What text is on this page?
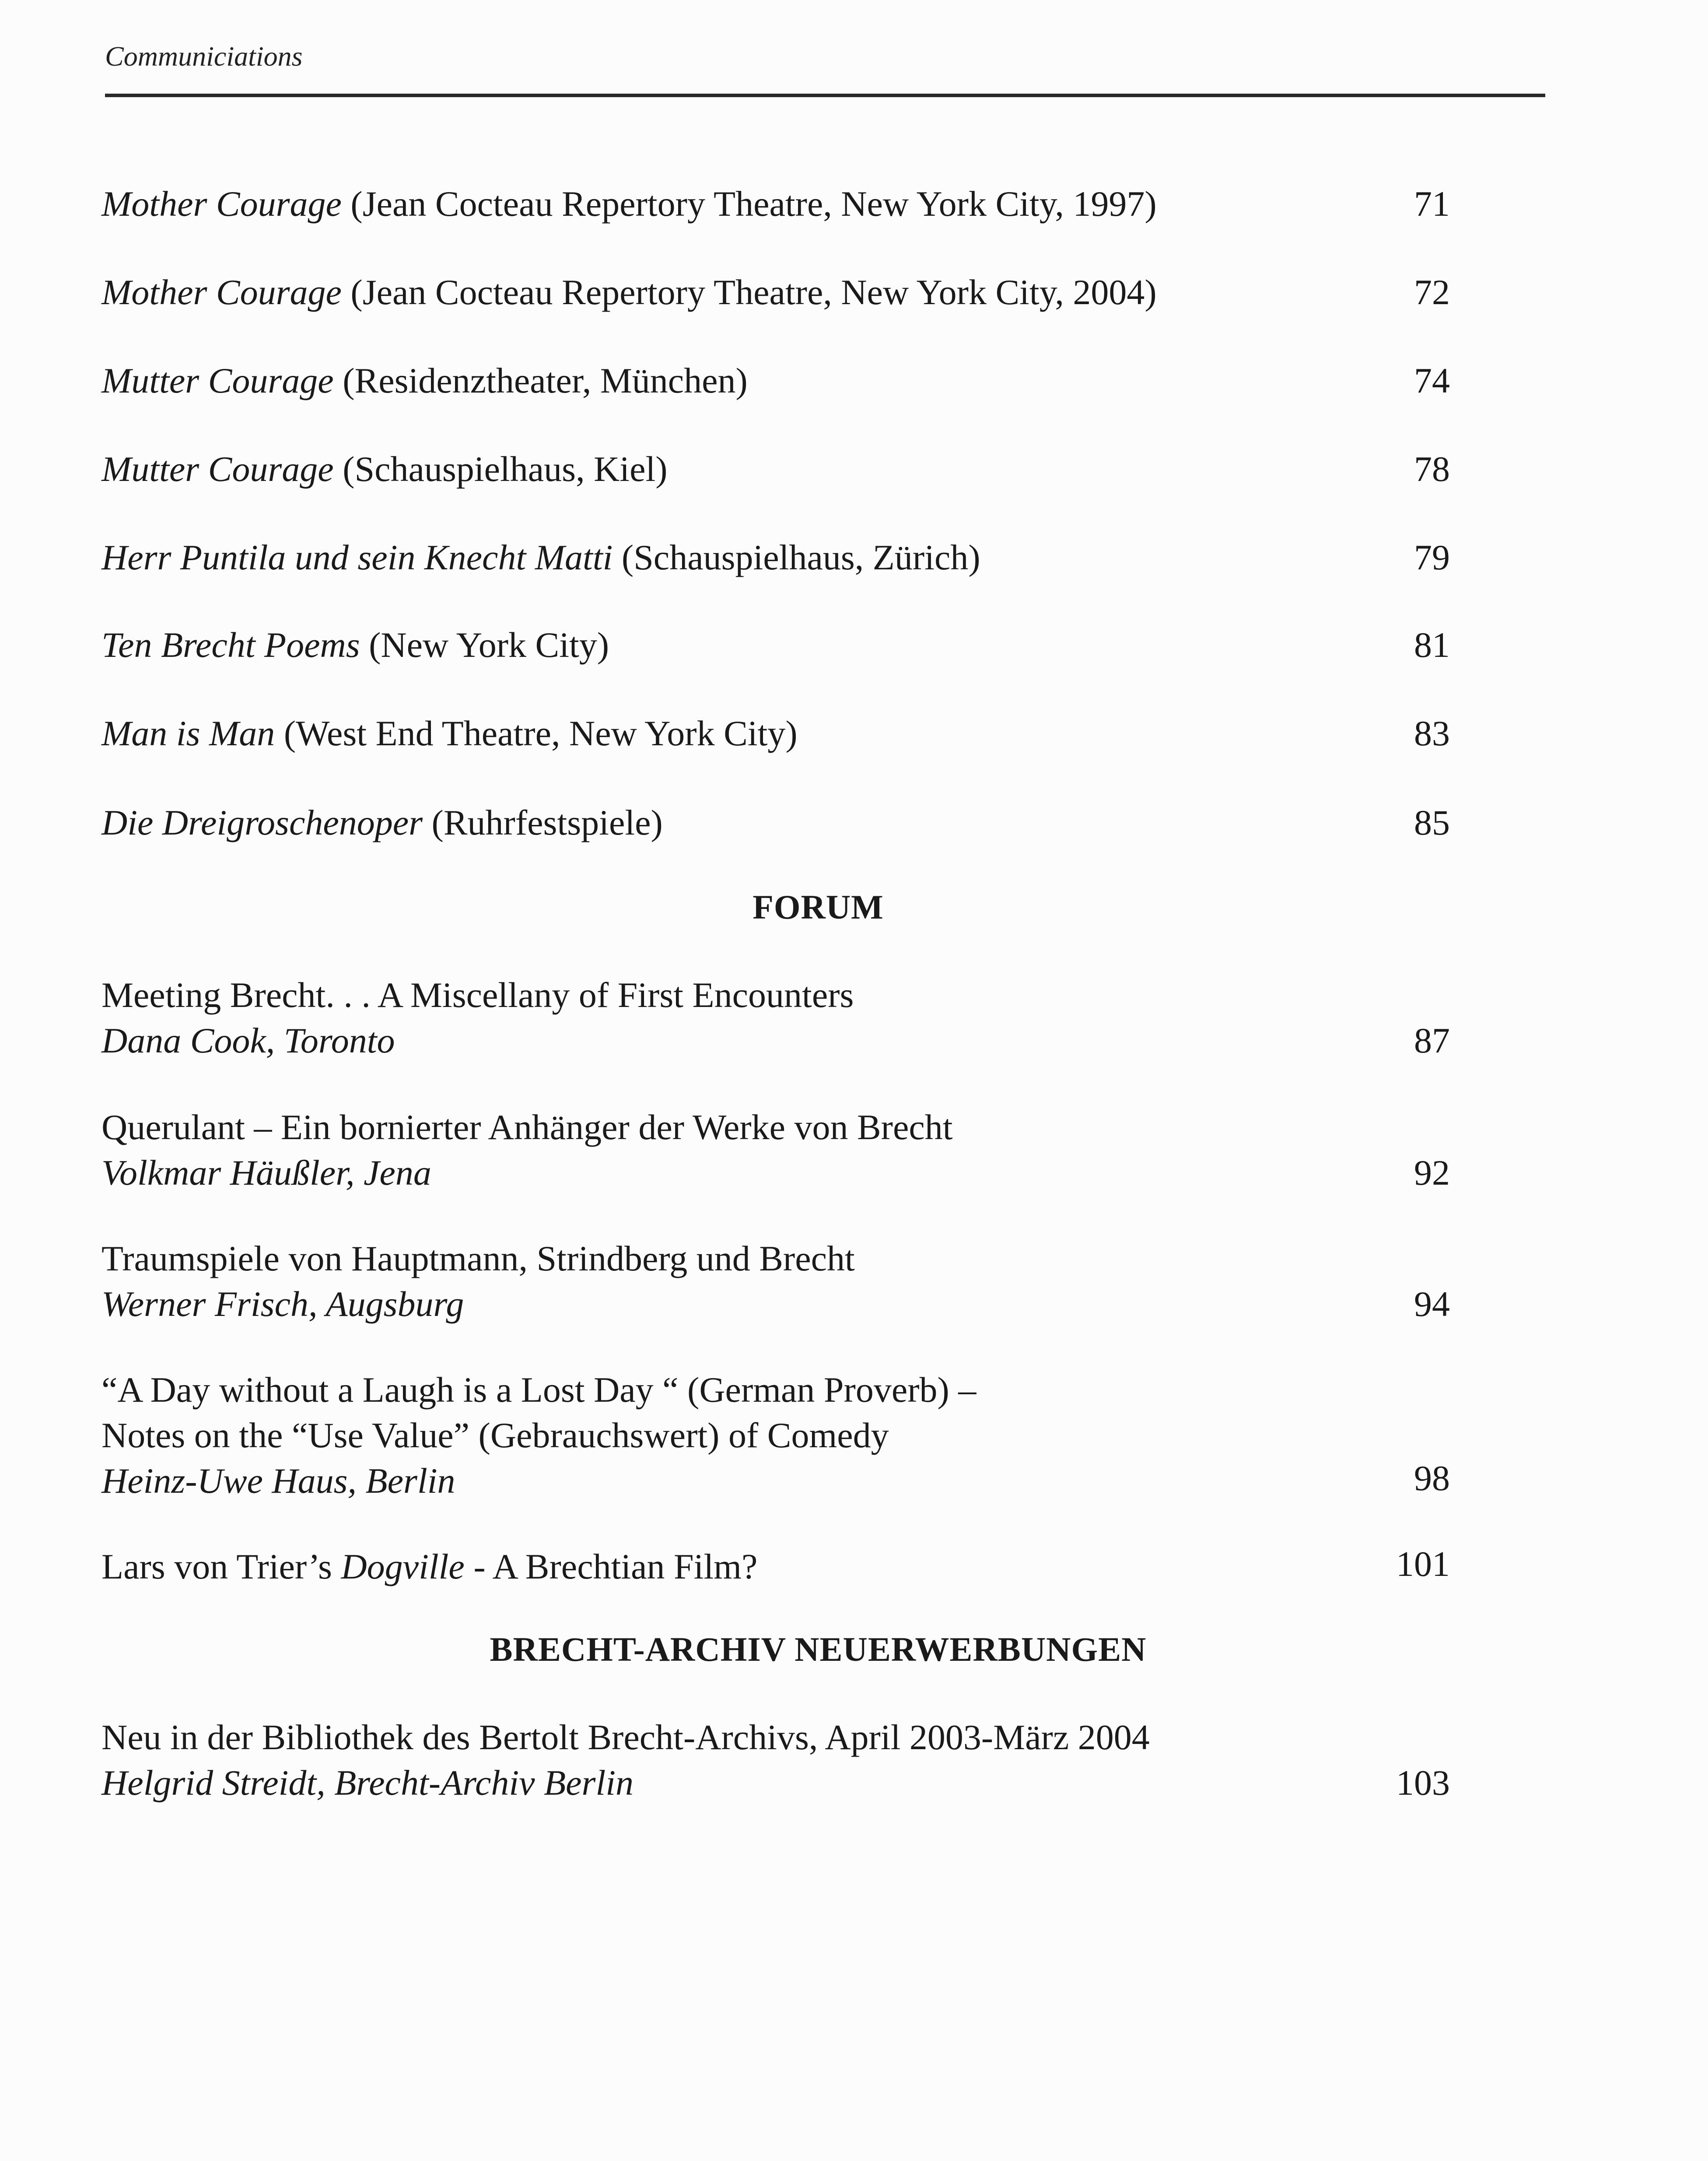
Communiciations
Mother Courage (Jean Cocteau Repertory Theatre, New York City, 1997)	71
Mother Courage (Jean Cocteau Repertory Theatre, New York City, 2004)	72
Mutter Courage (Residenztheater, München)	74
Mutter Courage (Schauspielhaus, Kiel)	78
Herr Puntila und sein Knecht Matti (Schauspielhaus, Zürich)	79
Ten Brecht Poems (New York City)	81
Man is Man (West End Theatre, New York City)	83
Die Dreigroschenoper (Ruhrfestspiele)	85
FORUM
Meeting Brecht. . . A Miscellany of First Encounters
Dana Cook, Toronto	87
Querulant – Ein bornierter Anhänger der Werke von Brecht
Volkmar Häußler, Jena	92
Traumspiele von Hauptmann, Strindberg und Brecht
Werner Frisch, Augsburg	94
“A Day without a Laugh is a Lost Day “ (German Proverb) –
Notes on the “Use Value” (Gebrauchswert) of Comedy
Heinz-Uwe Haus, Berlin	98
Lars von Trier’s Dogville - A Brechtian Film?	101
BRECHT-ARCHIV NEUERWERBUNGEN
Neu in der Bibliothek des Bertolt Brecht-Archivs, April 2003-März 2004
Helgrid Streidt, Brecht-Archiv Berlin	103
